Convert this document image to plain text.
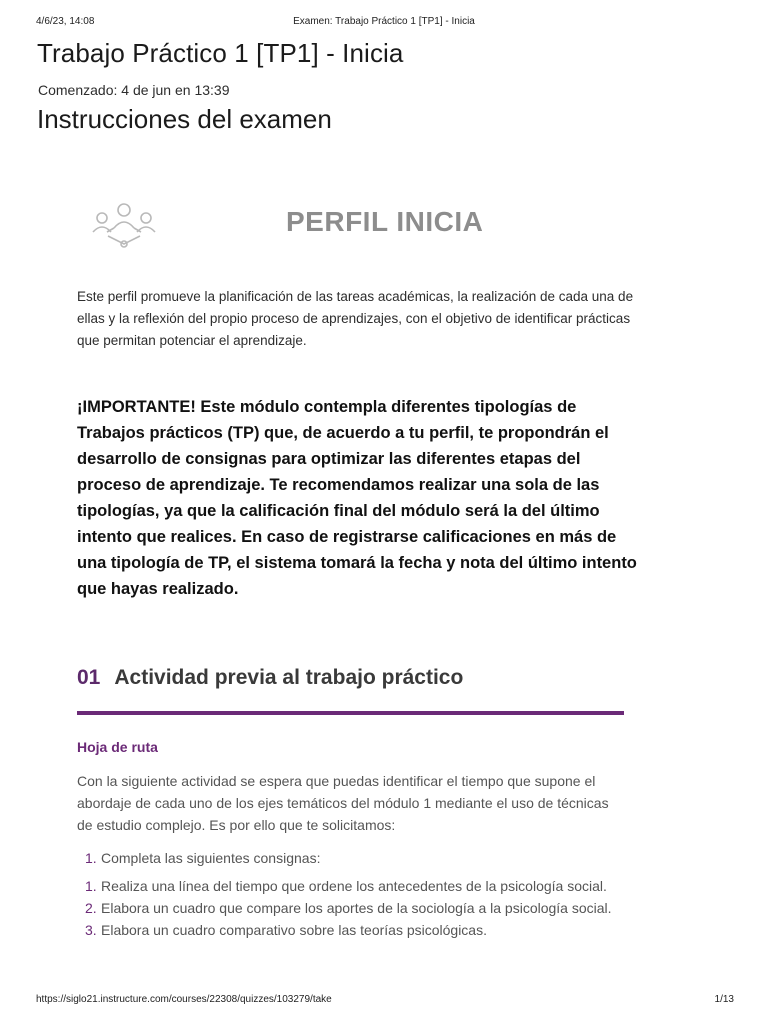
4/6/23, 14:08	Examen: Trabajo Práctico 1 [TP1] - Inicia
Trabajo Práctico 1 [TP1] - Inicia
Comenzado: 4 de jun en 13:39
Instrucciones del examen
PERFIL INICIA

Este perfil promueve la planificación de las tareas académicas, la realización de cada una de ellas y la reflexión del propio proceso de aprendizajes, con el objetivo de identificar prácticas que permitan potenciar el aprendizaje.

¡IMPORTANTE! Este módulo contempla diferentes tipologías de Trabajos prácticos (TP) que, de acuerdo a tu perfil, te propondrán el desarrollo de consignas para optimizar las diferentes etapas del proceso de aprendizaje. Te recomendamos realizar una sola de las tipologías, ya que la calificación final del módulo será la del último intento que realices. En caso de registrarse calificaciones en más de una tipología de TP, el sistema tomará la fecha y nota del último intento que hayas realizado.

01 Actividad previa al trabajo práctico
Hoja de ruta

Con la siguiente actividad se espera que puedas identificar el tiempo que supone el abordaje de cada uno de los ejes temáticos del módulo 1 mediante el uso de técnicas de estudio complejo. Es por ello que te solicitamos:

1. Completa las siguientes consignas:
1. Realiza una línea del tiempo que ordene los antecedentes de la psicología social.
2. Elabora un cuadro que compare los aportes de la sociología a la psicología social.
3. Elabora un cuadro comparativo sobre las teorías psicológicas.
https://siglo21.instructure.com/courses/22308/quizzes/103279/take	1/13
